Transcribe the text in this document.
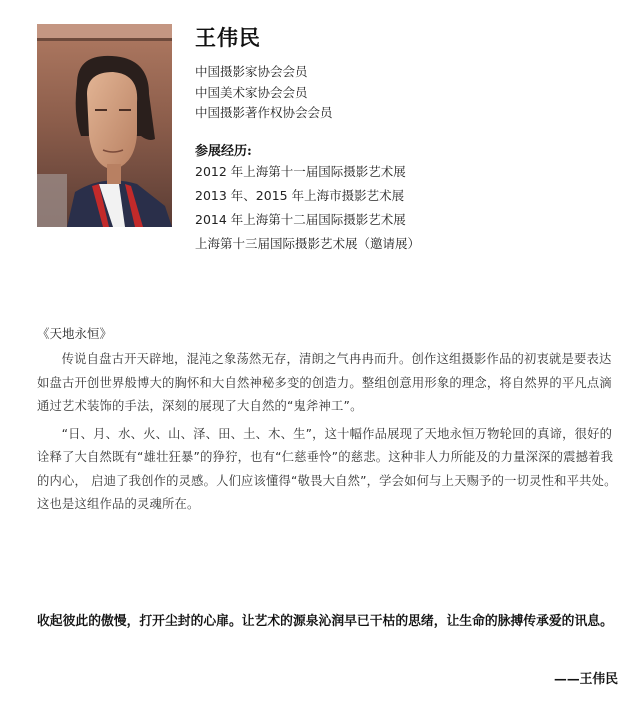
王伟民
中国摄影家协会会员
中国美术家协会会员
中国摄影著作权协会会员
参展经历:
2012 年上海第十一届国际摄影艺术展
2013 年、2015 年上海市摄影艺术展
2014 年上海第十二届国际摄影艺术展
上海第十三届国际摄影艺术展（邀请展）

《天地永恒》

传说自盘古开天辟地，混沌之象荡然无存，清朗之气冉冉而升。创作这组摄影作品的初衷就是要表达如盘古开创世界般博大的胸怀和大自然神秘多变的创造力。整组创意用形象的理念，将自然界的平凡点滴通过艺术装饰的手法，深刻的展现了大自然的“鬼斧神工”。

“日、月、水、火、山、泽、田、土、木、生”，这十幅作品展现了天地永恒万物轮回的真谛，很好的诠释了大自然既有“雄壮狂暴”的狰狞，也有“仁慈垂怜”的慈悲。这种非人力所能及的力量深深的震撼着我的内心， 启迪了我创作的灵感。人们应该懂得“敬畏大自然”，学会如何与上天赐予的一切灵性和平共处。这也是这组作品的灵魂所在。

收起彼此的傲慢，打开尘封的心扉。让艺术的源泉沁润早已干枯的思绪，让生命的脉搏传承爱的讯息。

——王伟民
